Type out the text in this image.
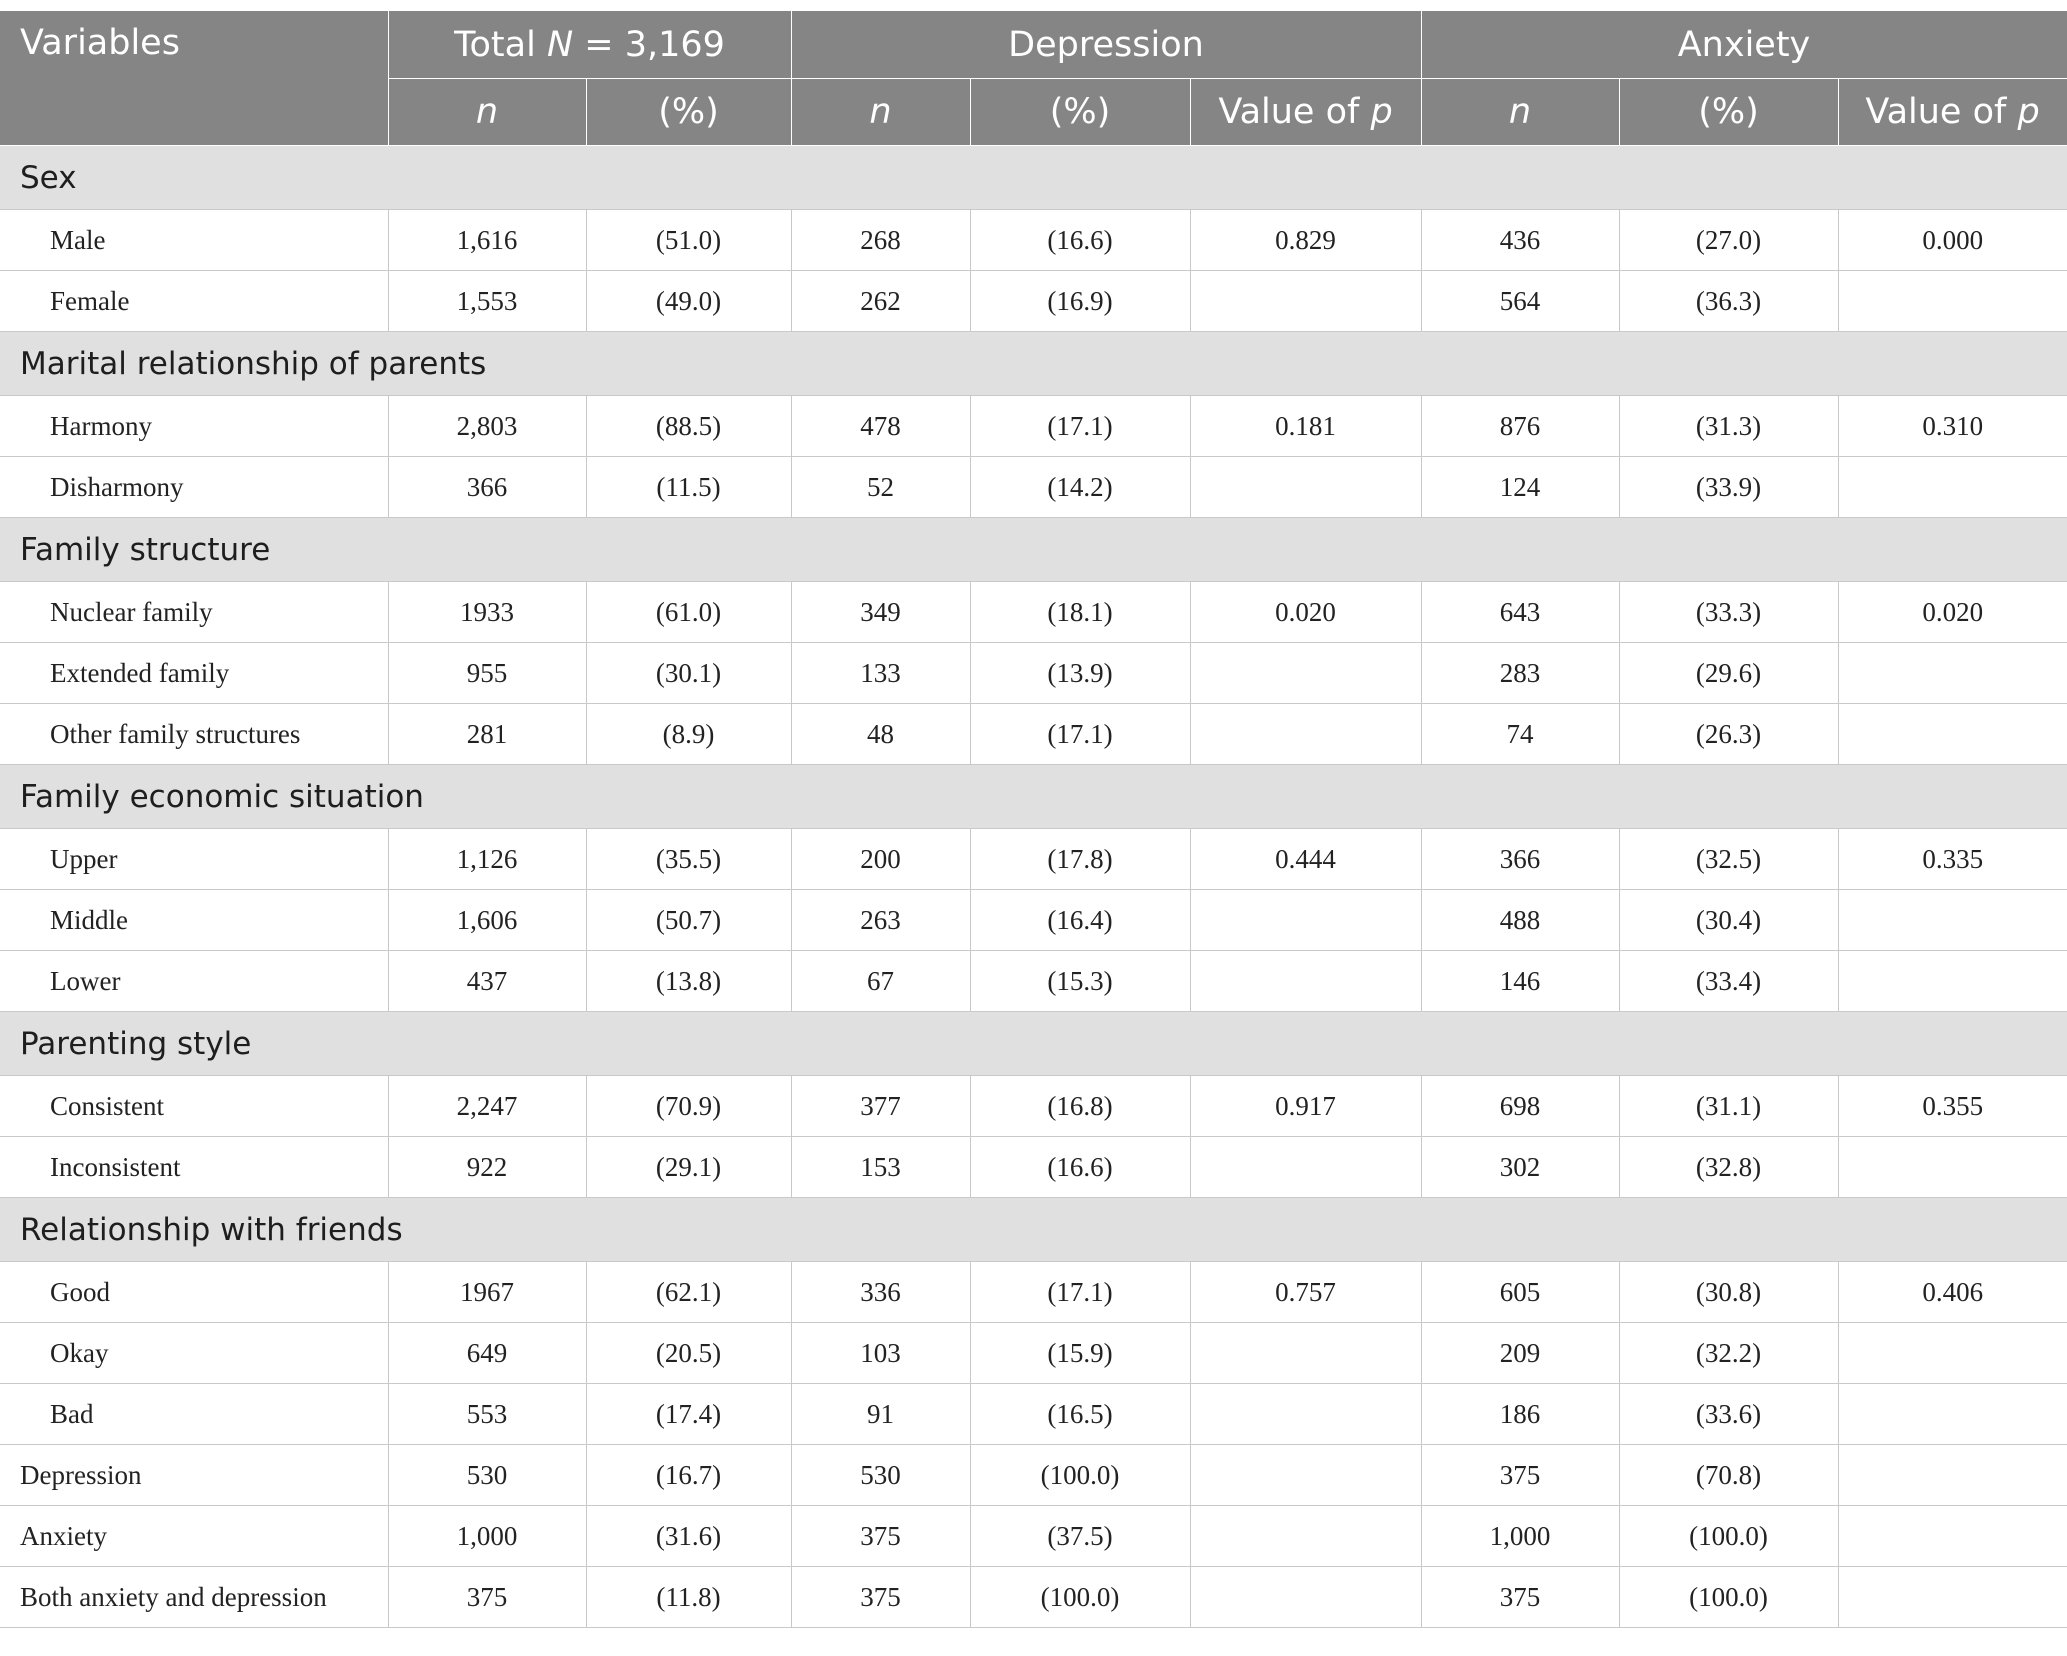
Variables	Total N = 3,169		Depression			Anxiety		
	n	(%)	n	(%)	Value of p	n	(%)	Value of p
Sex								
Male	1,616	(51.0)	268	(16.6)	0.829	436	(27.0)	0.000
Female	1,553	(49.0)	262	(16.9)		564	(36.3)	
Marital relationship of parents								
Harmony	2,803	(88.5)	478	(17.1)	0.181	876	(31.3)	0.310
Disharmony	366	(11.5)	52	(14.2)		124	(33.9)	
Family structure								
Nuclear family	1933	(61.0)	349	(18.1)	0.020	643	(33.3)	0.020
Extended family	955	(30.1)	133	(13.9)		283	(29.6)	
Other family structures	281	(8.9)	48	(17.1)		74	(26.3)	
Family economic situation								
Upper	1,126	(35.5)	200	(17.8)	0.444	366	(32.5)	0.335
Middle	1,606	(50.7)	263	(16.4)		488	(30.4)	
Lower	437	(13.8)	67	(15.3)		146	(33.4)	
Parenting style								
Consistent	2,247	(70.9)	377	(16.8)	0.917	698	(31.1)	0.355
Inconsistent	922	(29.1)	153	(16.6)		302	(32.8)	
Relationship with friends								
Good	1967	(62.1)	336	(17.1)	0.757	605	(30.8)	0.406
Okay	649	(20.5)	103	(15.9)		209	(32.2)	
Bad	553	(17.4)	91	(16.5)		186	(33.6)	
Depression	530	(16.7)	530	(100.0)		375	(70.8)	
Anxiety	1,000	(31.6)	375	(37.5)		1,000	(100.0)	
Both anxiety and depression	375	(11.8)	375	(100.0)		375	(100.0)	
